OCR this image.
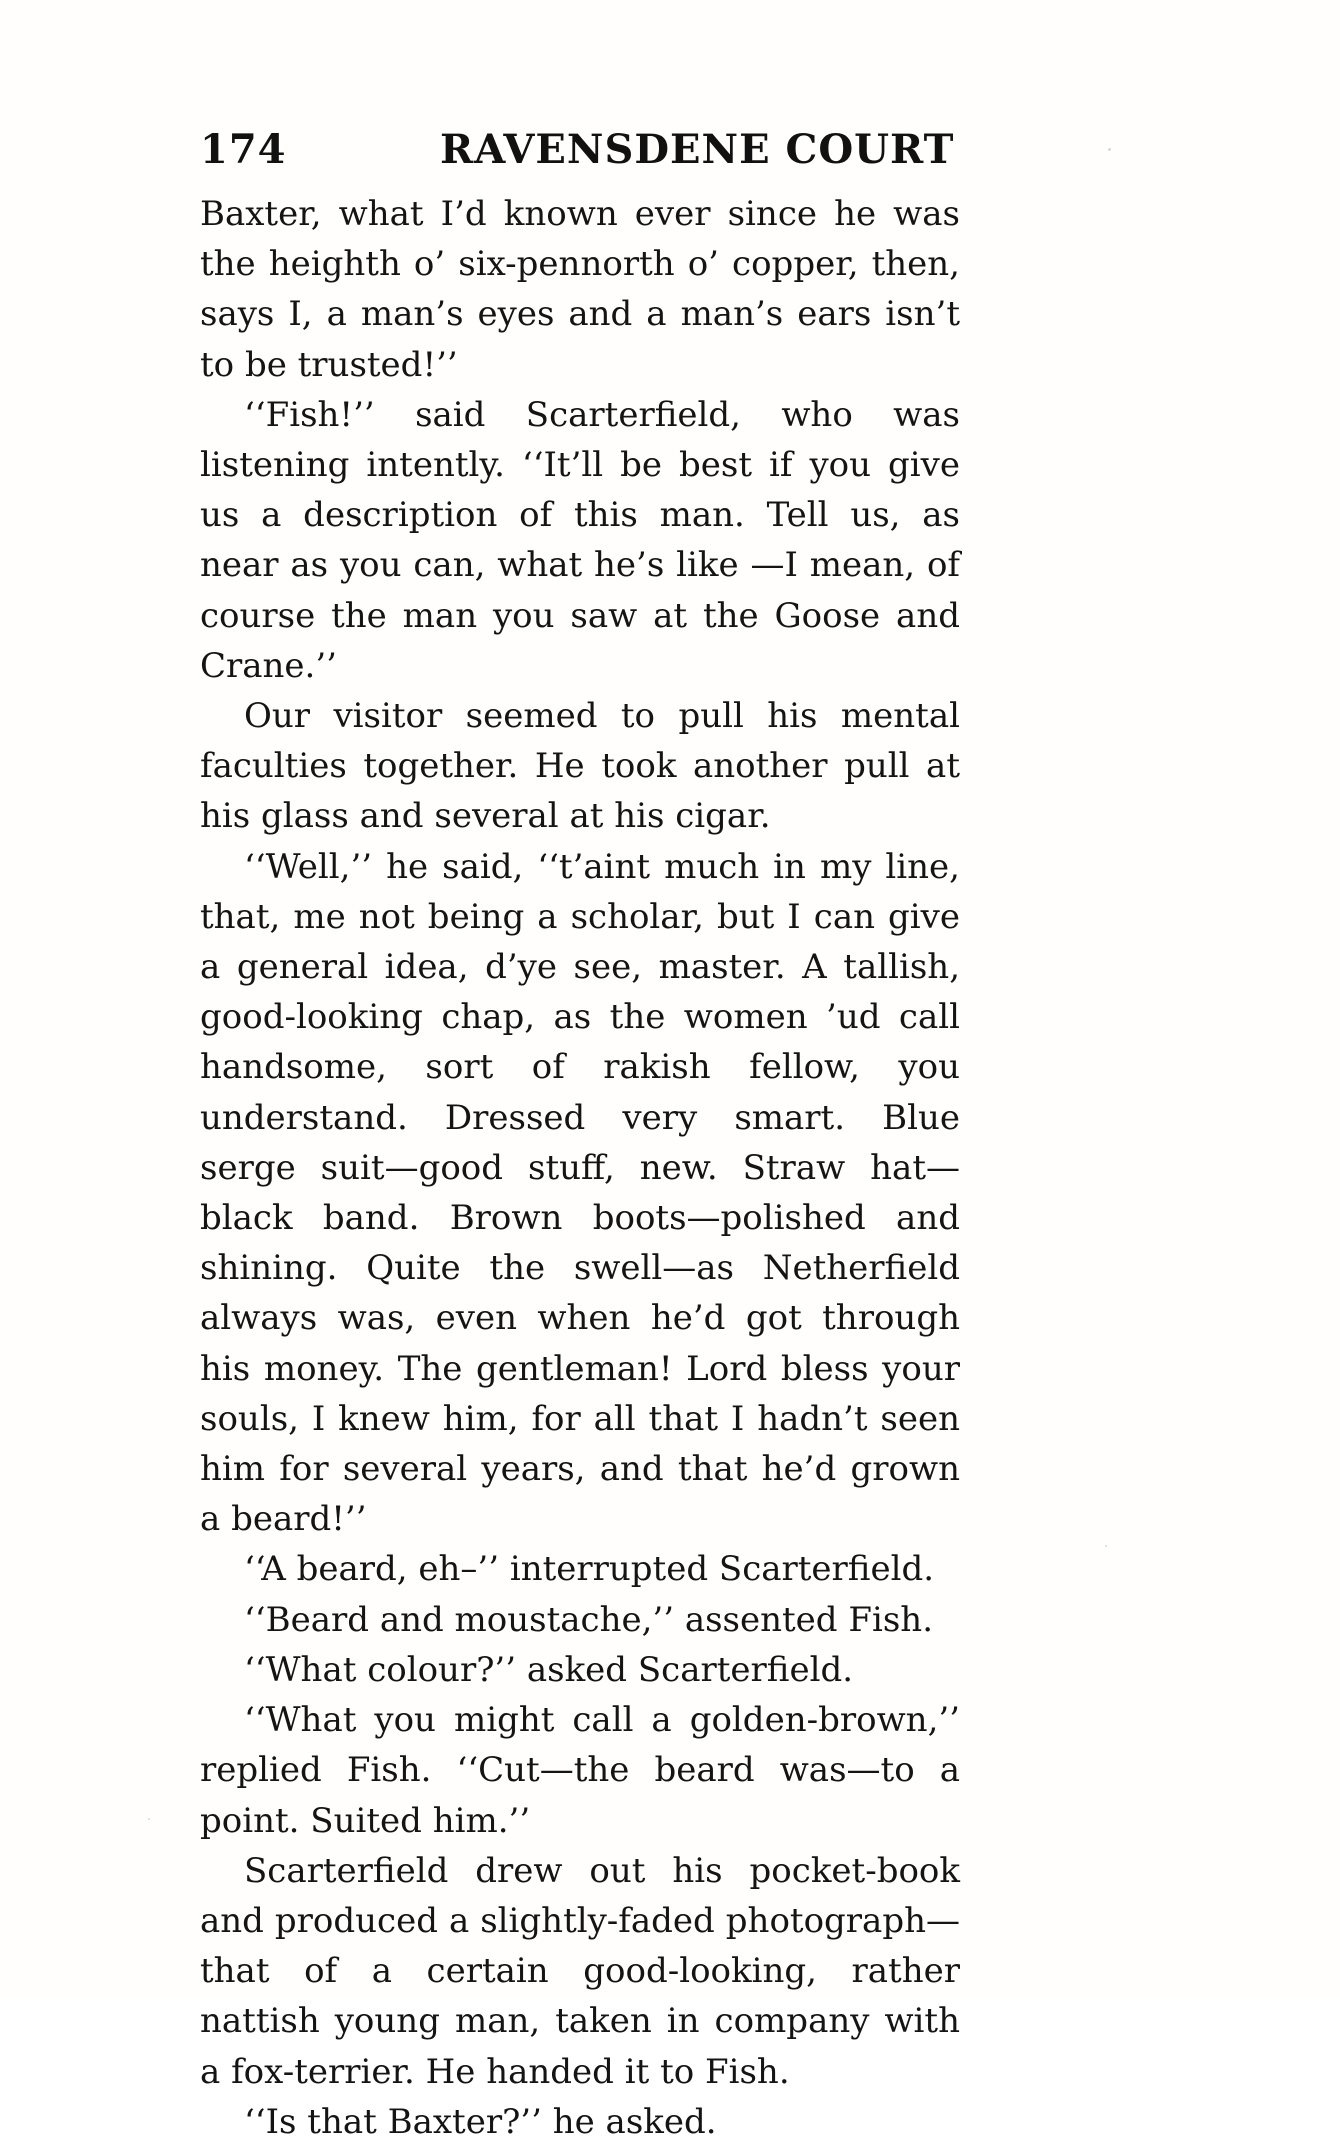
174	RAVENSDENE COURT

Baxter, what I’d known ever since he was the heighth o’ six-pennorth o’ copper, then, says I, a man’s eyes and a man’s ears isn’t to be trusted!’’

‘‘Fish!’’ said Scarterfield, who was listening intently. ‘‘It’ll be best if you give us a description of this man. Tell us, as near as you can, what he’s like —I mean, of course the man you saw at the Goose and Crane.’’

Our visitor seemed to pull his mental faculties together. He took another pull at his glass and several at his cigar.

‘‘Well,’’ he said, ‘‘t’aint much in my line, that, me not being a scholar, but I can give a general idea, d’ye see, master. A tallish, good-looking chap, as the women ’ud call handsome, sort of rakish fellow, you understand. Dressed very smart. Blue serge suit—good stuff, new. Straw hat—black band. Brown boots—polished and shining. Quite the swell—as Netherfield always was, even when he’d got through his money. The gentleman! Lord bless your souls, I knew him, for all that I hadn’t seen him for several years, and that he’d grown a beard!’’

‘‘A beard, eh–’’ interrupted Scarterfield.

‘‘Beard and moustache,’’ assented Fish.

‘‘What colour?’’ asked Scarterfield.

‘‘What you might call a golden-brown,’’ replied Fish. ‘‘Cut—the beard was—to a point. Suited him.’’

Scarterfield drew out his pocket-book and produced a slightly-faded photograph—that of a certain good-looking, rather nattish young man, taken in company with a fox-terrier. He handed it to Fish.

‘‘Is that Baxter?’’ he asked.
